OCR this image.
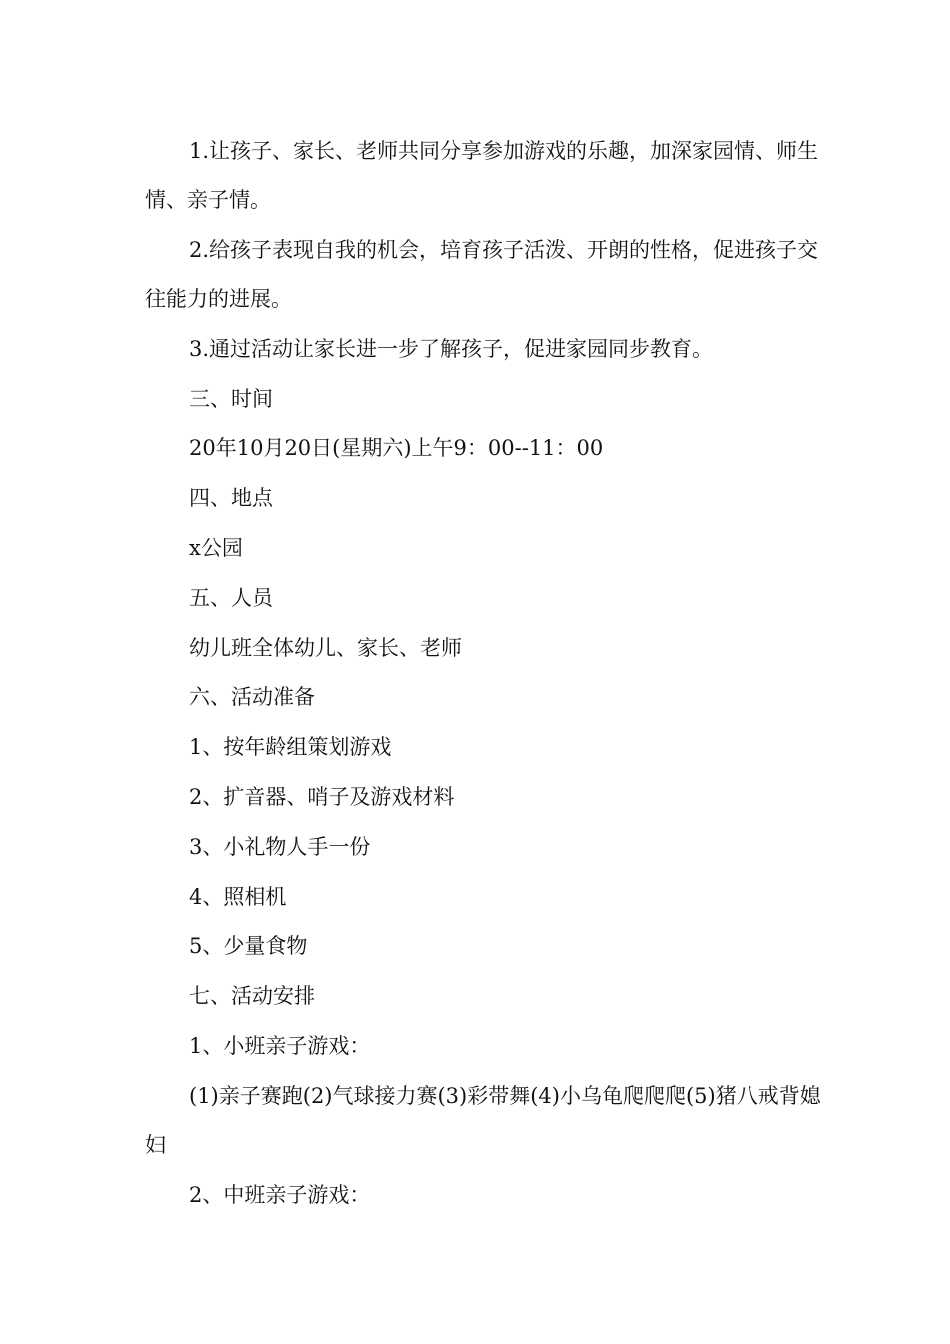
1.让孩子、家长、老师共同分享参加游戏的乐趣，加深家园情、师生情、亲子情。

2.给孩子表现自我的机会，培育孩子活泼、开朗的性格，促进孩子交往能力的进展。

3.通过活动让家长进一步了解孩子，促进家园同步教育。

三、时间

20年10月20日(星期六)上午9：00--11：00

四、地点

x公园

五、人员

幼儿班全体幼儿、家长、老师

六、活动准备

1、按年龄组策划游戏

2、扩音器、哨子及游戏材料

3、小礼物人手一份

4、照相机

5、少量食物

七、活动安排

1、小班亲子游戏：

(1)亲子赛跑(2)气球接力赛(3)彩带舞(4)小乌龟爬爬爬(5)猪八戒背媳妇

2、中班亲子游戏：
